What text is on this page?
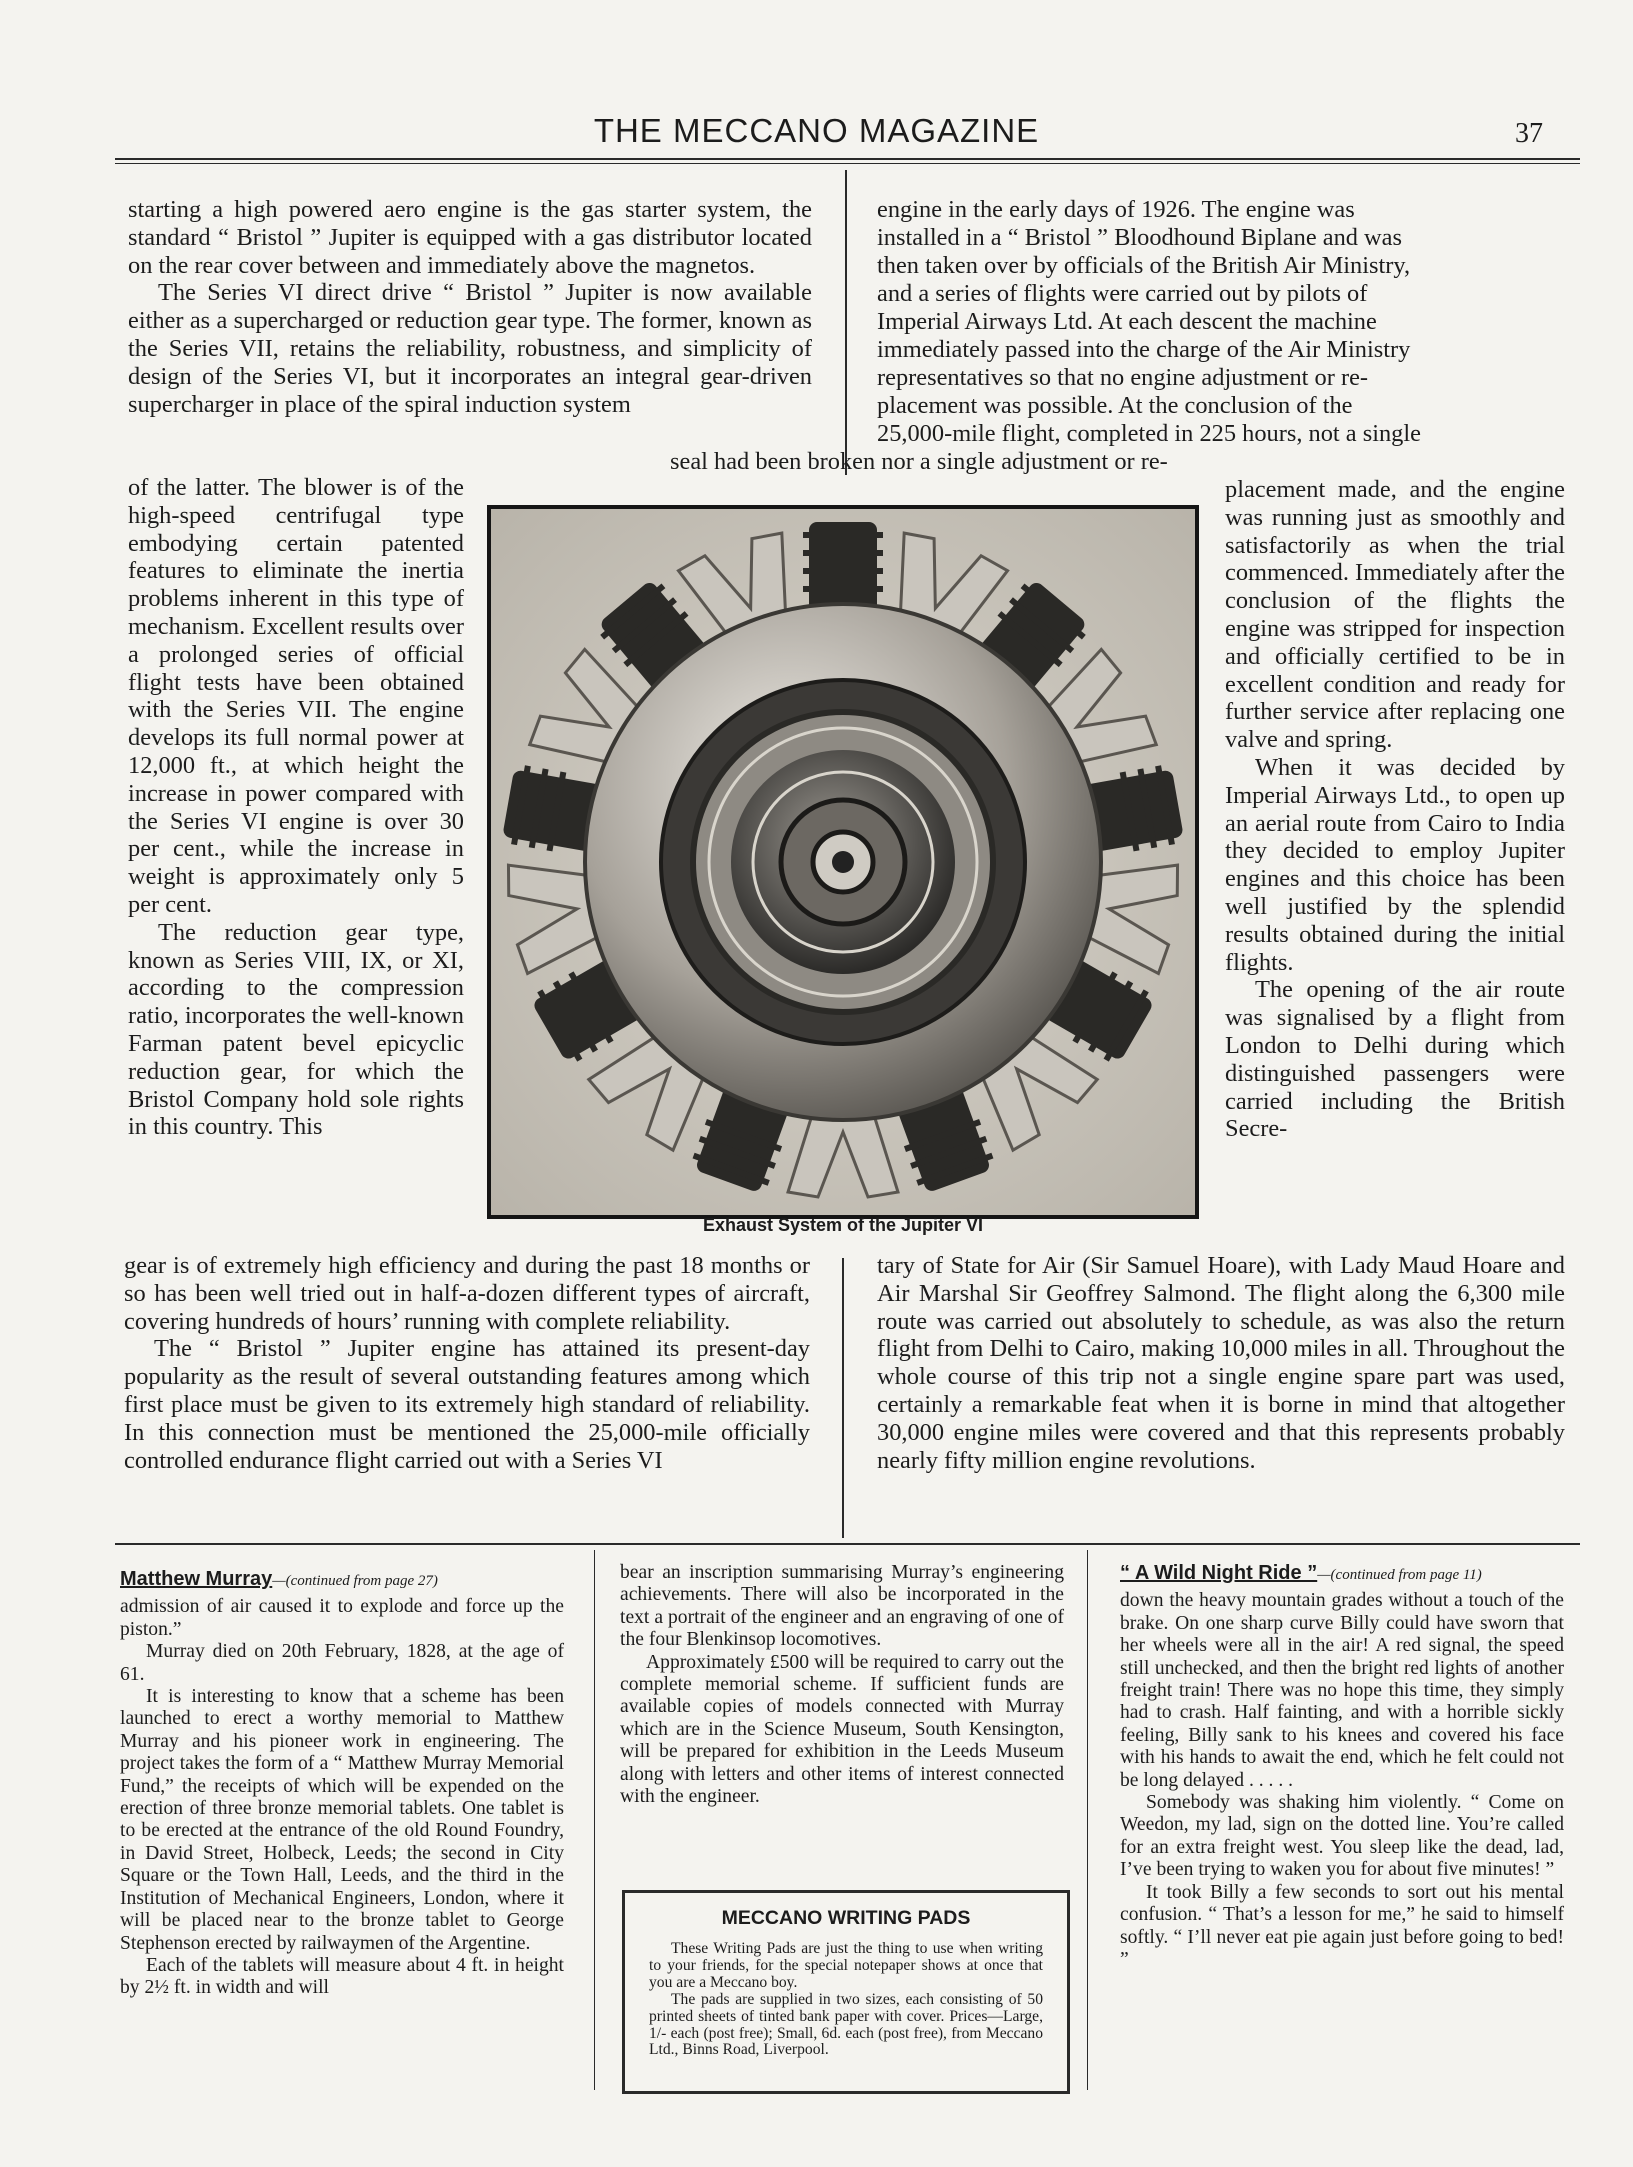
THE MECCANO MAGAZINE	37

starting a high powered aero engine is the gas starter system, the standard “ Bristol ” Jupiter is equipped with a gas distributor located on the rear cover between and immediately above the magnetos.

The Series VI direct drive “ Bristol ” Jupiter is now available either as a supercharged or reduction gear type. The former, known as the Series VII, retains the reliability, robustness, and simplicity of design of the Series VI, but it incorporates an integral gear-driven supercharger in place of the spiral induction system

of the latter. The blower is of the high-speed centrifugal type embodying certain patented features to eliminate the inertia problems inherent in this type of mechanism. Excellent results over a prolonged series of official flight tests have been obtained with the Series VII. The engine develops its full normal power at 12,000 ft., at which height the increase in power compared with the Series VI engine is over 30 per cent., while the increase in weight is approximately only 5 per cent.

The reduction gear type, known as Series VIII, IX, or XI, according to the compression ratio, incorporates the well-known Farman patent bevel epicyclic reduction gear, for which the Bristol Company hold sole rights in this country. This

gear is of extremely high efficiency and during the past 18 months or so has been well tried out in half-a-dozen different types of aircraft, covering hundreds of hours’ running with complete reliability.

The “ Bristol ” Jupiter engine has attained its present-day popularity as the result of several outstanding features among which first place must be given to its extremely high standard of reliability. In this connection must be mentioned the 25,000-mile officially controlled endurance flight carried out with a Series VI

engine in the early days of 1926. The engine was
installed in a “ Bristol ” Bloodhound Biplane and was
then taken over by officials of the British Air Ministry,
and a series of flights were carried out by pilots of
Imperial Airways Ltd. At each descent the machine
immediately passed into the charge of the Air Ministry
representatives so that no engine adjustment or re-
placement was possible. At the conclusion of the
25,000-mile flight, completed in 225 hours, not a single
seal had been broken nor a single adjustment or re-

placement made, and the engine was running just as smoothly and satisfactorily as when the trial commenced. Immediately after the conclusion of the flights the engine was stripped for inspection and officially certified to be in excellent condition and ready for further service after replacing one valve and spring.

When it was decided by Imperial Airways Ltd., to open up an aerial route from Cairo to India they decided to employ Jupiter engines and this choice has been well justified by the splendid results obtained during the initial flights.

The opening of the air route was signalised by a flight from London to Delhi during which distinguished passengers were carried including the British Secre-

tary of State for Air (Sir Samuel Hoare), with Lady Maud Hoare and Air Marshal Sir Geoffrey Salmond. The flight along the 6,300 mile route was carried out absolutely to schedule, as was also the return flight from Delhi to Cairo, making 10,000 miles in all. Throughout the whole course of this trip not a single engine spare part was used, certainly a remarkable feat when it is borne in mind that altogether 30,000 engine miles were covered and that this represents probably nearly fifty million engine revolutions.

Exhaust System of the Jupiter VI

Matthew Murray—(continued from page 27)

admission of air caused it to explode and force up the piston.”

Murray died on 20th February, 1828, at the age of 61.

It is interesting to know that a scheme has been launched to erect a worthy memorial to Matthew Murray and his pioneer work in engineering. The project takes the form of a “ Matthew Murray Memorial Fund,” the receipts of which will be expended on the erection of three bronze memorial tablets. One tablet is to be erected at the entrance of the old Round Foundry, in David Street, Holbeck, Leeds; the second in City Square or the Town Hall, Leeds, and the third in the Institution of Mechanical Engineers, London, where it will be placed near to the bronze tablet to George Stephenson erected by railwaymen of the Argentine.

Each of the tablets will measure about 4 ft. in height by 2½ ft. in width and will

bear an inscription summarising Murray’s engineering achievements. There will also be incorporated in the text a portrait of the engineer and an engraving of one of the four Blenkinsop locomotives.

Approximately £500 will be required to carry out the complete memorial scheme. If sufficient funds are available copies of models connected with Murray which are in the Science Museum, South Kensington, will be prepared for exhibition in the Leeds Museum along with letters and other items of interest connected with the engineer.

MECCANO WRITING PADS

These Writing Pads are just the thing to use when writing to your friends, for the special notepaper shows at once that you are a Meccano boy.

The pads are supplied in two sizes, each consisting of 50 printed sheets of tinted bank paper with cover. Prices—Large, 1/- each (post free); Small, 6d. each (post free), from Meccano Ltd., Binns Road, Liverpool.

“ A Wild Night Ride ”—(continued from page 11)

down the heavy mountain grades without a touch of the brake. On one sharp curve Billy could have sworn that her wheels were all in the air! A red signal, the speed still unchecked, and then the bright red lights of another freight train! There was no hope this time, they simply had to crash. Half fainting, and with a horrible sickly feeling, Billy sank to his knees and covered his face with his hands to await the end, which he felt could not be long delayed . . . . .

Somebody was shaking him violently. “ Come on Weedon, my lad, sign on the dotted line. You’re called for an extra freight west. You sleep like the dead, lad, I’ve been trying to waken you for about five minutes! ”

It took Billy a few seconds to sort out his mental confusion. “ That’s a lesson for me,” he said to himself softly. “ I’ll never eat pie again just before going to bed! ”
